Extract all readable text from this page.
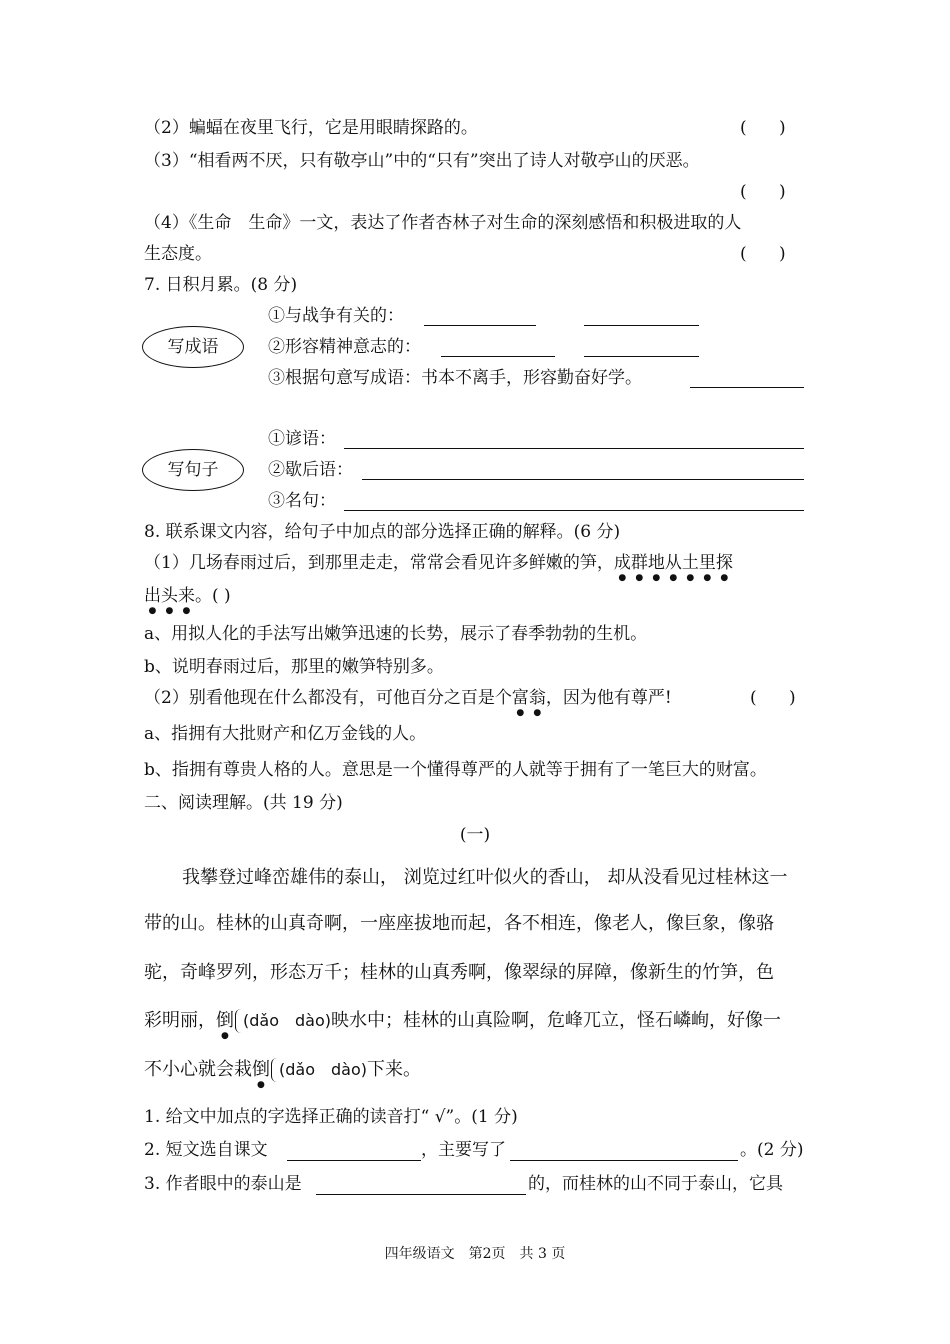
（2）蝙蝠在夜里飞行，它是用眼睛探路的。	(      )
（3）“相看两不厌，只有敬亭山”中的“只有”突出了诗人对敬亭山的厌恶。
(      )
（4）《生命　生命》一文，表达了作者杏林子对生命的深刻感悟和积极进取的人
生态度。	(      )
7. 日积月累。(8 分)
写成语
①与战争有关的：
②形容精神意志的：
③根据句意写成语：书本不离手，形容勤奋好学。
写句子
①谚语：
②歇后语：
③名句：
8. 联系课文内容，给句子中加点的部分选择正确的解释。(6 分)
（1）几场春雨过后，到那里走走，常常会看见许多鲜嫩的笋，成群地从土里探
出头来。( )
a、用拟人化的手法写出嫩笋迅速的长势，展示了春季勃勃的生机。
b、说明春雨过后，那里的嫩笋特别多。
（2）别看他现在什么都没有，可他百分之百是个富翁，因为他有尊严!	(      )
a、指拥有大批财产和亿万金钱的人。
b、指拥有尊贵人格的人。意思是一个懂得尊严的人就等于拥有了一笔巨大的财富。
二、阅读理解。(共 19 分)
(一)
我攀登过峰峦雄伟的泰山， 浏览过红叶似火的香山， 却从没看见过桂林这一
带的山。桂林的山真奇啊，一座座拔地而起，各不相连，像老人，像巨象，像骆
驼，奇峰罗列，形态万千；桂林的山真秀啊，像翠绿的屏障，像新生的竹笋，色
彩明丽，倒 (dǎo　dào)映水中；桂林的山真险啊，危峰兀立，怪石嶙峋，好像一
不小心就会栽倒 (dǎo　dào)下来。
1. 给文中加点的字选择正确的读音打“ √”。(1 分)
2. 短文选自课文	，主要写了	。(2 分)
3. 作者眼中的泰山是	的，而桂林的山不同于泰山，它具
四年级语文　第2页　共 3 页
